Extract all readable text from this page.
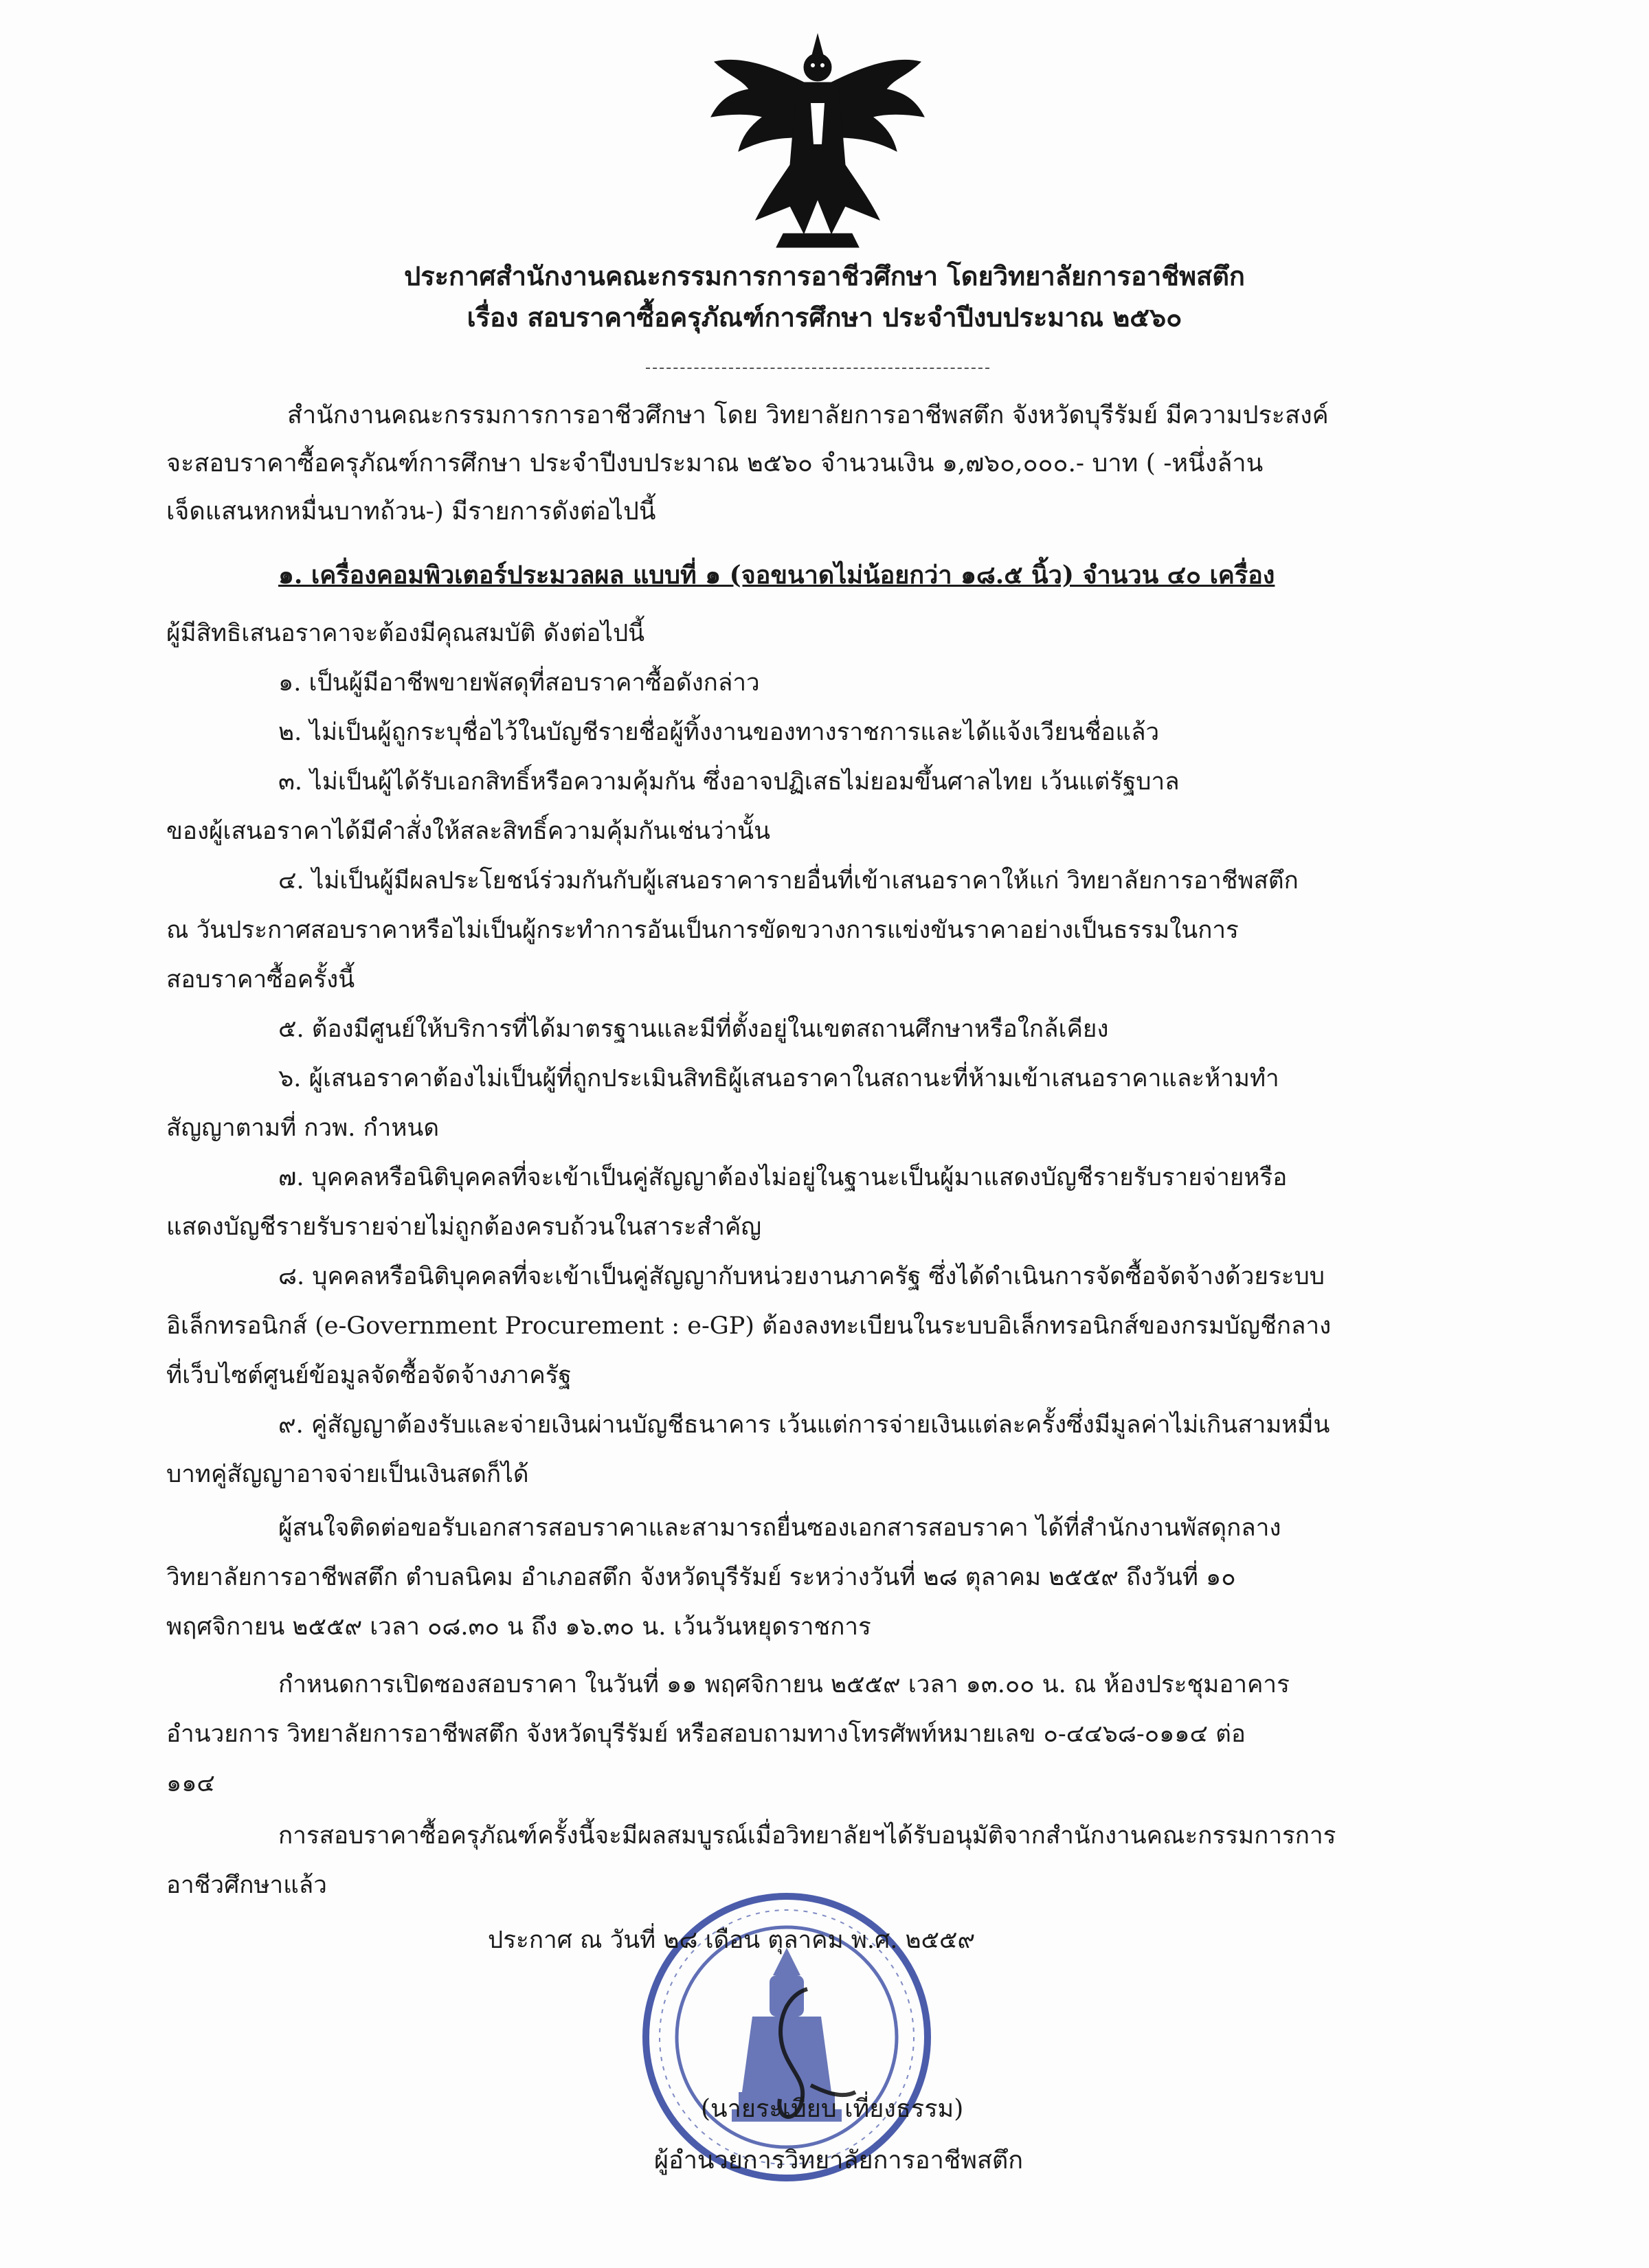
ประกาศสำนักงานคณะกรรมการการอาชีวศึกษา โดยวิทยาลัยการอาชีพสตึก
เรื่อง สอบราคาซื้อครุภัณฑ์การศึกษา ประจำปีงบประมาณ ๒๕๖๐
สำนักงานคณะกรรมการการอาชีวศึกษา โดย วิทยาลัยการอาชีพสตึก จังหวัดบุรีรัมย์ มีความประสงค์
จะสอบราคาซื้อครุภัณฑ์การศึกษา ประจำปีงบประมาณ ๒๕๖๐ จำนวนเงิน ๑,๗๖๐,๐๐๐.- บาท ( -หนึ่งล้าน
เจ็ดแสนหกหมื่นบาทถ้วน-) มีรายการดังต่อไปนี้
๑. เครื่องคอมพิวเตอร์ประมวลผล แบบที่ ๑ (จอขนาดไม่น้อยกว่า ๑๘.๕ นิ้ว) จำนวน ๔๐ เครื่อง
ผู้มีสิทธิเสนอราคาจะต้องมีคุณสมบัติ ดังต่อไปนี้
๑. เป็นผู้มีอาชีพขายพัสดุที่สอบราคาซื้อดังกล่าว
๒. ไม่เป็นผู้ถูกระบุชื่อไว้ในบัญชีรายชื่อผู้ทิ้งงานของทางราชการและได้แจ้งเวียนชื่อแล้ว
๓. ไม่เป็นผู้ได้รับเอกสิทธิ์หรือความคุ้มกัน ซึ่งอาจปฏิเสธไม่ยอมขึ้นศาลไทย เว้นแต่รัฐบาล
ของผู้เสนอราคาได้มีคำสั่งให้สละสิทธิ์ความคุ้มกันเช่นว่านั้น
๔. ไม่เป็นผู้มีผลประโยชน์ร่วมกันกับผู้เสนอราคารายอื่นที่เข้าเสนอราคาให้แก่ วิทยาลัยการอาชีพสตึก
ณ วันประกาศสอบราคาหรือไม่เป็นผู้กระทำการอันเป็นการขัดขวางการแข่งขันราคาอย่างเป็นธรรมในการ
สอบราคาซื้อครั้งนี้
๕. ต้องมีศูนย์ให้บริการที่ได้มาตรฐานและมีที่ตั้งอยู่ในเขตสถานศึกษาหรือใกล้เคียง
๖. ผู้เสนอราคาต้องไม่เป็นผู้ที่ถูกประเมินสิทธิผู้เสนอราคาในสถานะที่ห้ามเข้าเสนอราคาและห้ามทำ
สัญญาตามที่ กวพ. กำหนด
๗. บุคคลหรือนิติบุคคลที่จะเข้าเป็นคู่สัญญาต้องไม่อยู่ในฐานะเป็นผู้มาแสดงบัญชีรายรับรายจ่ายหรือ
แสดงบัญชีรายรับรายจ่ายไม่ถูกต้องครบถ้วนในสาระสำคัญ
๘. บุคคลหรือนิติบุคคลที่จะเข้าเป็นคู่สัญญากับหน่วยงานภาครัฐ ซึ่งได้ดำเนินการจัดซื้อจัดจ้างด้วยระบบ
อิเล็กทรอนิกส์ (e-Government Procurement : e-GP) ต้องลงทะเบียนในระบบอิเล็กทรอนิกส์ของกรมบัญชีกลาง
ที่เว็บไซต์ศูนย์ข้อมูลจัดซื้อจัดจ้างภาครัฐ
๙. คู่สัญญาต้องรับและจ่ายเงินผ่านบัญชีธนาคาร เว้นแต่การจ่ายเงินแต่ละครั้งซึ่งมีมูลค่าไม่เกินสามหมื่น
บาทคู่สัญญาอาจจ่ายเป็นเงินสดก็ได้
ผู้สนใจติดต่อขอรับเอกสารสอบราคาและสามารถยื่นซองเอกสารสอบราคา ได้ที่สำนักงานพัสดุกลาง
วิทยาลัยการอาชีพสตึก ตำบลนิคม อำเภอสตึก จังหวัดบุรีรัมย์ ระหว่างวันที่ ๒๘ ตุลาคม ๒๕๕๙ ถึงวันที่ ๑๐
พฤศจิกายน ๒๕๕๙ เวลา ๐๘.๓๐ น ถึง ๑๖.๓๐ น. เว้นวันหยุดราชการ
กำหนดการเปิดซองสอบราคา ในวันที่ ๑๑ พฤศจิกายน ๒๕๕๙ เวลา ๑๓.๐๐ น. ณ ห้องประชุมอาคาร
อำนวยการ วิทยาลัยการอาชีพสตึก จังหวัดบุรีรัมย์ หรือสอบถามทางโทรศัพท์หมายเลข ๐-๔๔๖๘-๐๑๑๔ ต่อ
๑๑๔
การสอบราคาซื้อครุภัณฑ์ครั้งนี้จะมีผลสมบูรณ์เมื่อวิทยาลัยฯได้รับอนุมัติจากสำนักงานคณะกรรมการการ
อาชีวศึกษาแล้ว
ประกาศ ณ วันที่ ๒๘ เดือน ตุลาคม พ.ศ. ๒๕๕๙
(นายระเบียบ เที่ยงธรรม)
ผู้อำนวยการวิทยาลัยการอาชีพสตึก
